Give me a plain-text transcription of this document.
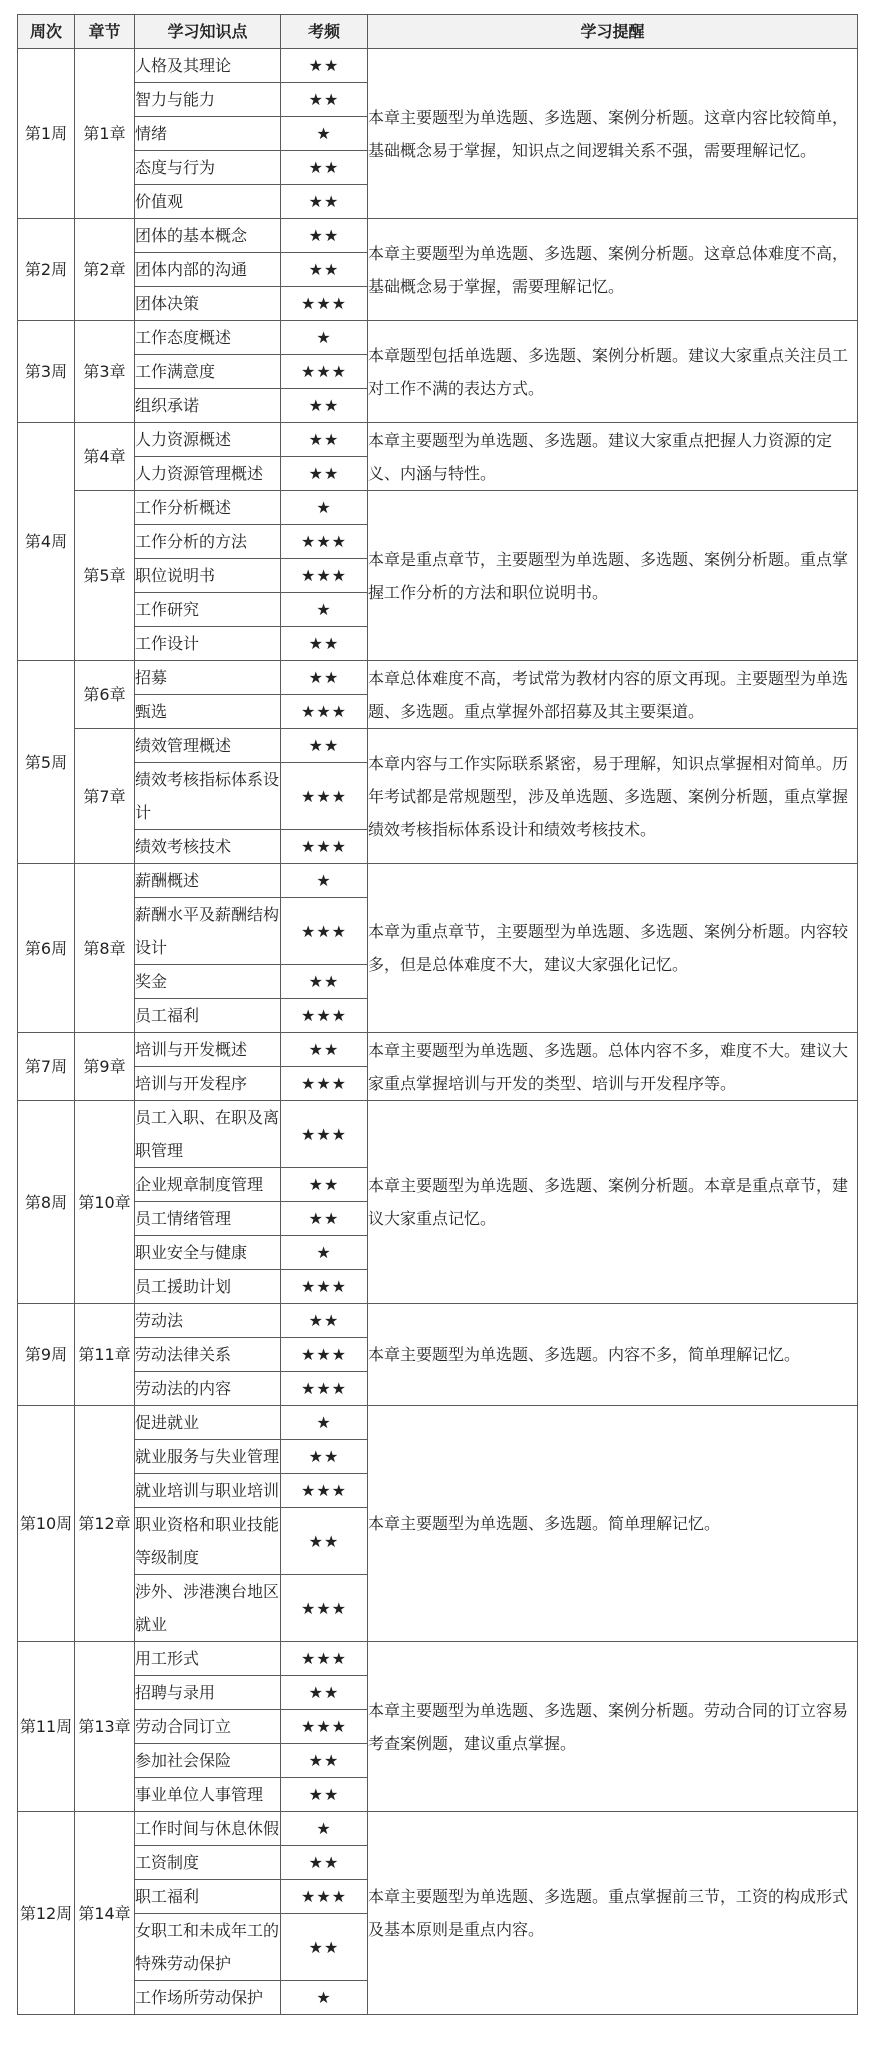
周次	章节	学习知识点	考频	学习提醒
第1周	第1章	人格及其理论	★★	本章主要题型为单选题、多选题、案例分析题。这章内容比较简单，基础概念易于掌握，知识点之间逻辑关系不强，需要理解记忆。
		智力与能力	★★	
		情绪	★	
		态度与行为	★★	
		价值观	★★	
第2周	第2章	团体的基本概念	★★	本章主要题型为单选题、多选题、案例分析题。这章总体难度不高，基础概念易于掌握，需要理解记忆。
		团体内部的沟通	★★	
		团体决策	★★★	
第3周	第3章	工作态度概述	★	本章题型包括单选题、多选题、案例分析题。建议大家重点关注员工对工作不满的表达方式。
		工作满意度	★★★	
		组织承诺	★★	
第4周	第4章	人力资源概述	★★	本章主要题型为单选题、多选题。建议大家重点把握人力资源的定义、内涵与特性。
		人力资源管理概述	★★	
	第5章	工作分析概述	★	本章是重点章节，主要题型为单选题、多选题、案例分析题。重点掌握工作分析的方法和职位说明书。
		工作分析的方法	★★★	
		职位说明书	★★★	
		工作研究	★	
		工作设计	★★	
第5周	第6章	招募	★★	本章总体难度不高，考试常为教材内容的原文再现。主要题型为单选题、多选题。重点掌握外部招募及其主要渠道。
		甄选	★★★	
	第7章	绩效管理概述	★★	本章内容与工作实际联系紧密，易于理解，知识点掌握相对简单。历年考试都是常规题型，涉及单选题、多选题、案例分析题，重点掌握绩效考核指标体系设计和绩效考核技术。
		绩效考核指标体系设计	★★★	
		绩效考核技术	★★★	
第6周	第8章	薪酬概述	★	本章为重点章节，主要题型为单选题、多选题、案例分析题。内容较多，但是总体难度不大，建议大家强化记忆。
		薪酬水平及薪酬结构设计	★★★	
		奖金	★★	
		员工福利	★★★	
第7周	第9章	培训与开发概述	★★	本章主要题型为单选题、多选题。总体内容不多，难度不大。建议大家重点掌握培训与开发的类型、培训与开发程序等。
		培训与开发程序	★★★	
第8周	第10章	员工入职、在职及离职管理	★★★	本章主要题型为单选题、多选题、案例分析题。本章是重点章节，建议大家重点记忆。
		企业规章制度管理	★★	
		员工情绪管理	★★	
		职业安全与健康	★	
		员工援助计划	★★★	
第9周	第11章	劳动法	★★	本章主要题型为单选题、多选题。内容不多，简单理解记忆。
		劳动法律关系	★★★	
		劳动法的内容	★★★	
第10周	第12章	促进就业	★	本章主要题型为单选题、多选题。简单理解记忆。
		就业服务与失业管理	★★	
		就业培训与职业培训	★★★	
		职业资格和职业技能等级制度	★★	
		涉外、涉港澳台地区就业	★★★	
第11周	第13章	用工形式	★★★	本章主要题型为单选题、多选题、案例分析题。劳动合同的订立容易考查案例题，建议重点掌握。
		招聘与录用	★★	
		劳动合同订立	★★★	
		参加社会保险	★★	
		事业单位人事管理	★★	
第12周	第14章	工作时间与休息休假	★	本章主要题型为单选题、多选题。重点掌握前三节，工资的构成形式及基本原则是重点内容。
		工资制度	★★	
		职工福利	★★★	
		女职工和未成年工的特殊劳动保护	★★	
		工作场所劳动保护	★	
